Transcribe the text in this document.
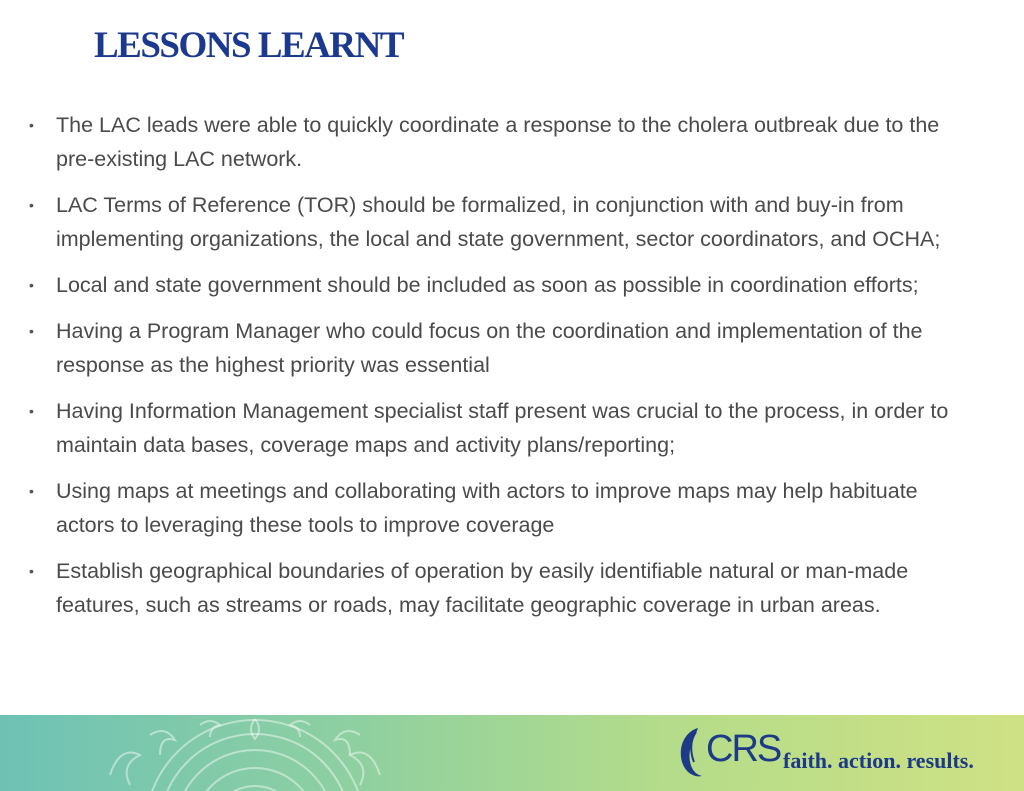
LESSONS LEARNT
• The LAC leads were able to quickly coordinate a response to the cholera outbreak due to the pre-existing LAC network.
• LAC Terms of Reference (TOR) should be formalized, in conjunction with and buy-in from implementing organizations, the local and state government, sector coordinators, and OCHA;
• Local and state government should be included as soon as possible in coordination efforts;
• Having a Program Manager who could focus on the coordination and implementation of the response as the highest priority was essential
• Having Information Management specialist staff present was crucial to the process, in order to maintain data bases, coverage maps and activity plans/reporting;
• Using maps at meetings and collaborating with actors to improve maps may help habituate actors to leveraging these tools to improve coverage
• Establish geographical boundaries of operation by easily identifiable natural or man-made features, such as streams or roads, may facilitate geographic coverage in urban areas.
CRS faith. action. results.
